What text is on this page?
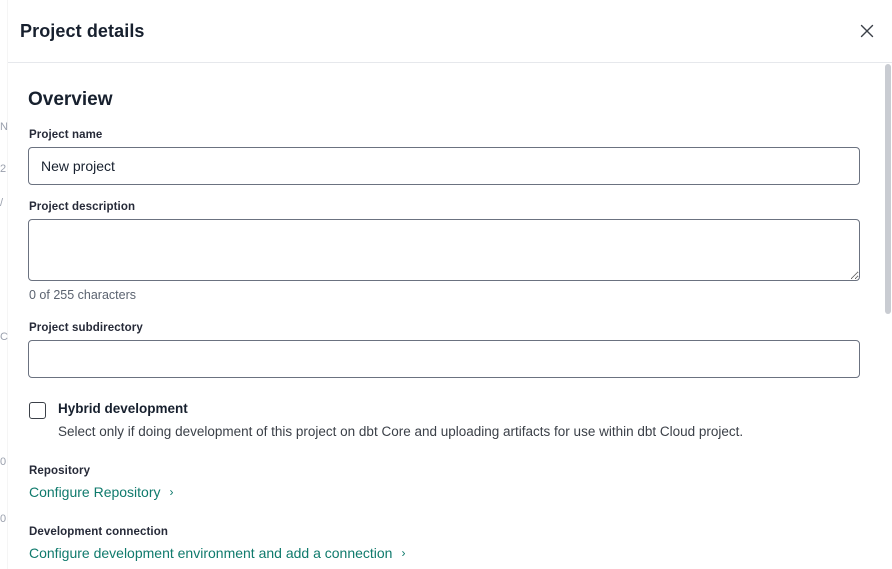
N
2
/
C
0
0
Project details
Overview
Project name
New project
Project description
0 of 255 characters
Project subdirectory
Hybrid development
Select only if doing development of this project on dbt Core and uploading artifacts for use within dbt Cloud project.
Repository
Configure Repository ›
Development connection
Configure development environment and add a connection ›
